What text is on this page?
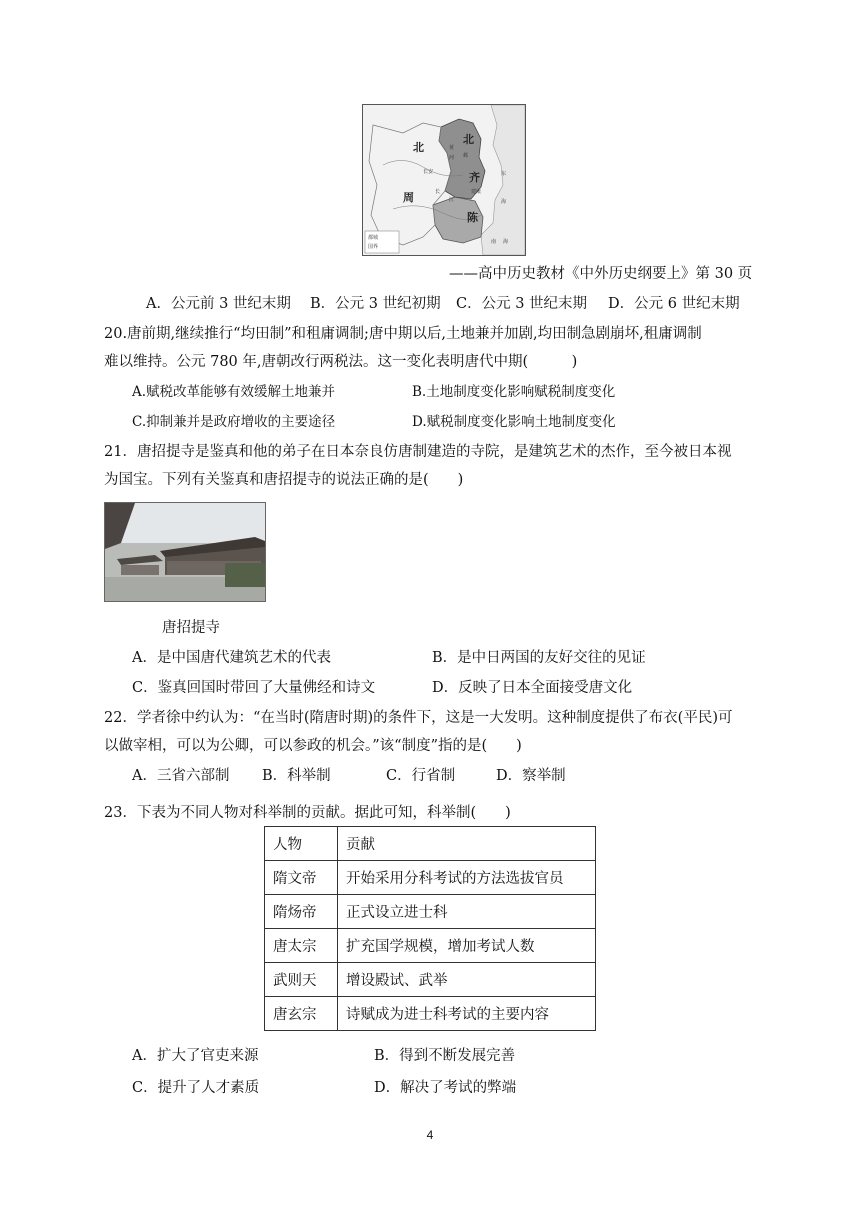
都城
国界
北
周
北
齐
陈
东
海
南 海
黄
河
长安
长
江
邺
建康
——高中历史教材《中外历史纲要上》第 30 页
A．公元前 3 世纪末期 B．公元 3 世纪初期 C．公元 3 世纪末期 D．公元 6 世纪末期
20.唐前期,继续推行“均田制”和租庸调制;唐中期以后,土地兼并加剧,均田制急剧崩坏,租庸调制
难以维持。公元 780 年,唐朝改行两税法。这一变化表明唐代中期(　　　)
A.赋税改革能够有效缓解土地兼并	B.土地制度变化影响赋税制度变化
C.抑制兼并是政府增收的主要途径	D.赋税制度变化影响土地制度变化
21．唐招提寺是鉴真和他的弟子在日本奈良仿唐制建造的寺院，是建筑艺术的杰作，至今被日本视
为国宝。下列有关鉴真和唐招提寺的说法正确的是(　　)
唐招提寺
A．是中国唐代建筑艺术的代表	B．是中日两国的友好交往的见证
C．鉴真回国时带回了大量佛经和诗文	D．反映了日本全面接受唐文化
22．学者徐中约认为：“在当时(隋唐时期)的条件下，这是一大发明。这种制度提供了布衣(平民)可
以做宰相，可以为公卿，可以参政的机会。”该“制度”指的是(　　)
A．三省六部制 B．科举制	C．行省制	D．察举制
23．下表为不同人物对科举制的贡献。据此可知，科举制(　　)
人物	贡献
隋文帝	开始采用分科考试的方法选拔官员
隋炀帝	正式设立进士科
唐太宗	扩充国学规模，增加考试人数
武则天	增设殿试、武举
唐玄宗	诗赋成为进士科考试的主要内容
A．扩大了官吏来源	B．得到不断发展完善
C．提升了人才素质	D．解决了考试的弊端
4
